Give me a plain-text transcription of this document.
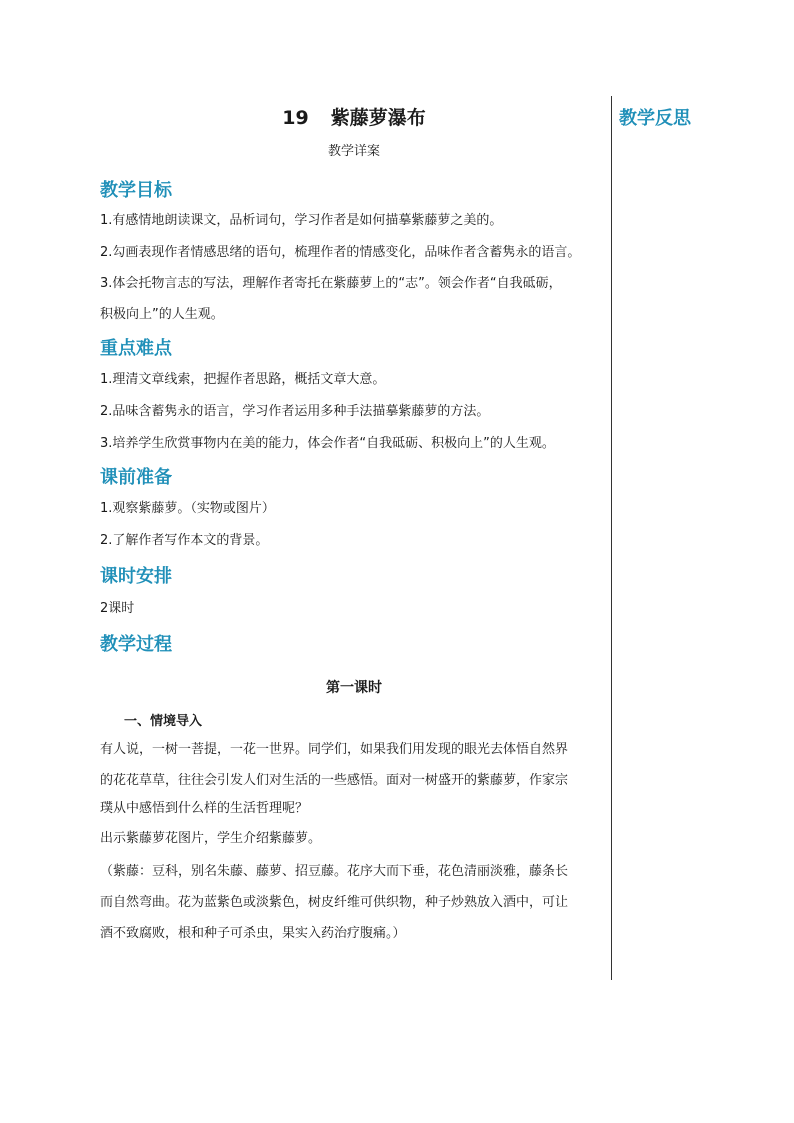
19 紫藤萝瀑布

教学详案

教学目标

1.有感情地朗读课文，品析词句，学习作者是如何描摹紫藤萝之美的。

2.勾画表现作者情感思绪的语句，梳理作者的情感变化，品味作者含蓄隽永的语言。

3.体会托物言志的写法，理解作者寄托在紫藤萝上的“志”。领会作者“自我砥砺，

积极向上”的人生观。

重点难点

1.理清文章线索，把握作者思路，概括文章大意。

2.品味含蓄隽永的语言，学习作者运用多种手法描摹紫藤萝的方法。

3.培养学生欣赏事物内在美的能力，体会作者“自我砥砺、积极向上”的人生观。

课前准备

1.观察紫藤萝。（实物或图片）

2.了解作者写作本文的背景。

课时安排

2课时

教学过程
第一课时
一、情境导入

有人说，一树一菩提，一花一世界。同学们，如果我们用发现的眼光去体悟自然界

的花花草草，往往会引发人们对生活的一些感悟。面对一树盛开的紫藤萝，作家宗

璞从中感悟到什么样的生活哲理呢？

出示紫藤萝花图片，学生介绍紫藤萝。

（紫藤：豆科，别名朱藤、藤萝、招豆藤。花序大而下垂，花色清丽淡雅，藤条长

而自然弯曲。花为蓝紫色或淡紫色，树皮纤维可供织物，种子炒熟放入酒中，可让

酒不致腐败，根和种子可杀虫，果实入药治疗腹痛。）

教学反思
